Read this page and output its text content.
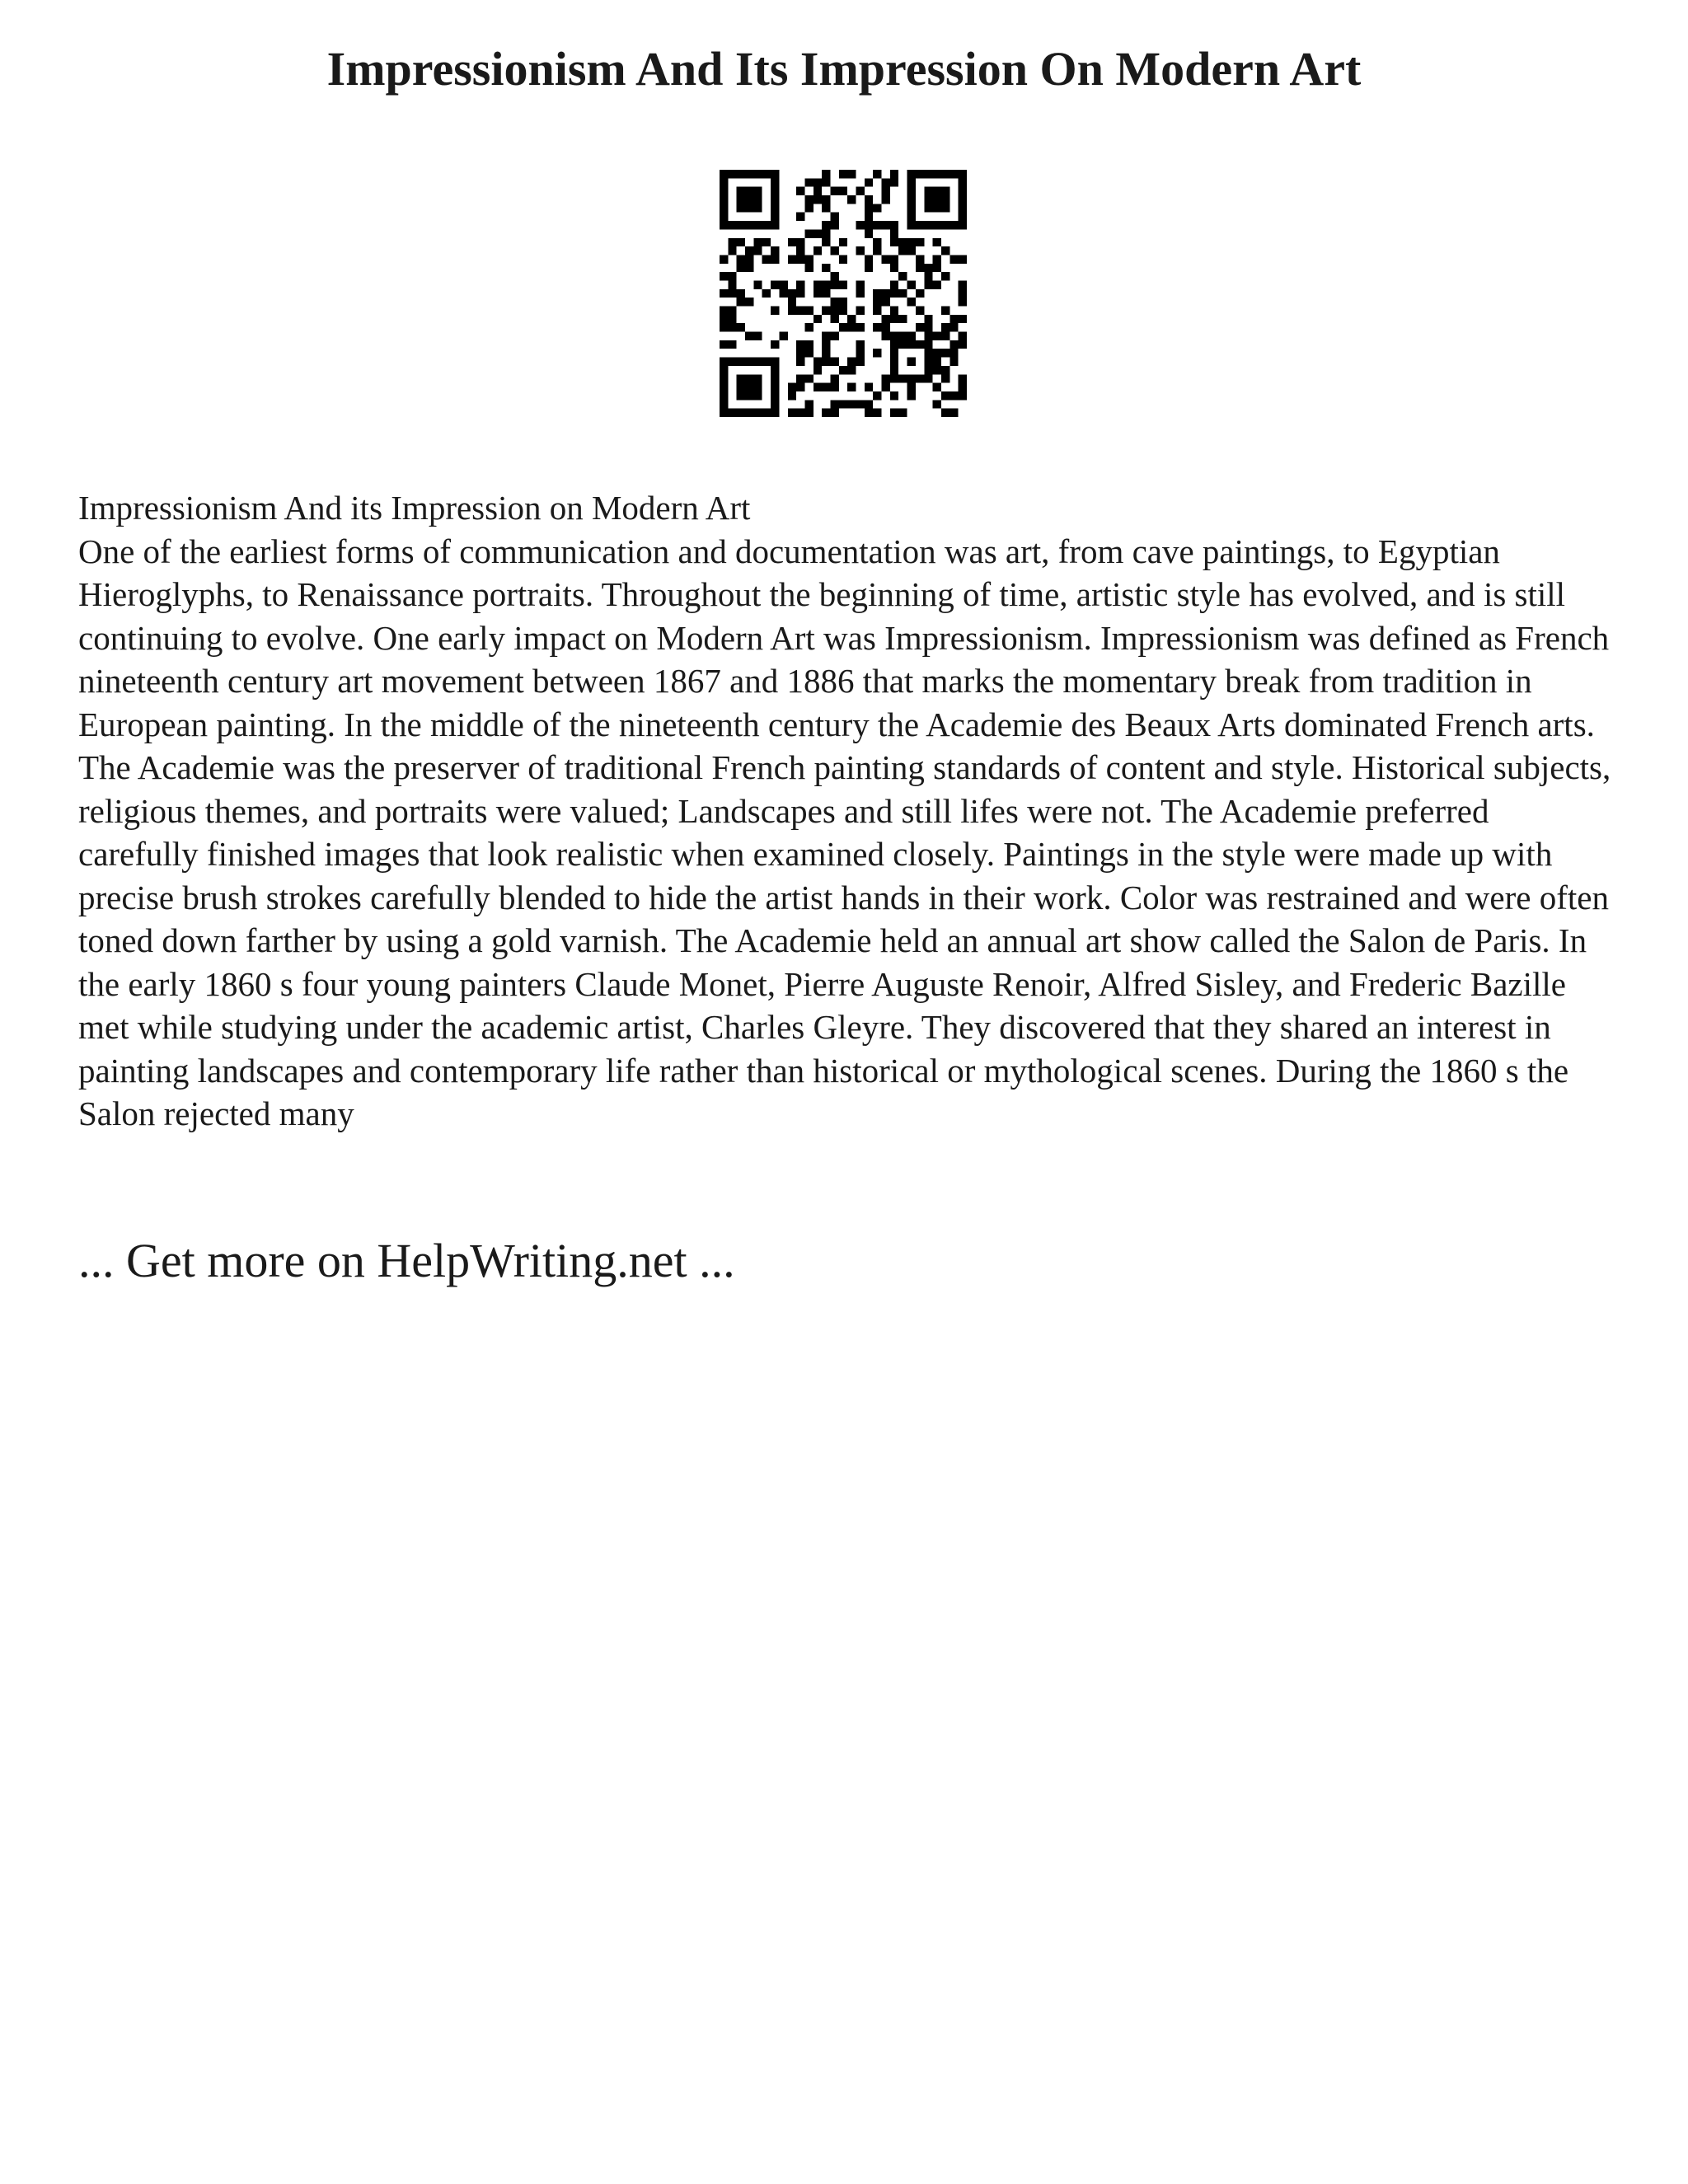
Impressionism And Its Impression On Modern Art

Impressionism And its Impression on Modern Art

One of the earliest forms of communication and documentation was art, from cave paintings, to Egyptian Hieroglyphs, to Renaissance portraits. Throughout the beginning of time, artistic style has evolved, and is still continuing to evolve. One early impact on Modern Art was Impressionism. Impressionism was defined as French nineteenth century art movement between 1867 and 1886 that marks the momentary break from tradition in European painting. In the middle of the nineteenth century the Academie des Beaux Arts dominated French arts. The Academie was the preserver of traditional French painting standards of content and style. Historical subjects, religious themes, and portraits were valued; Landscapes and still lifes were not. The Academie preferred carefully finished images that look realistic when examined closely. Paintings in the style were made up with precise brush strokes carefully blended to hide the artist hands in their work. Color was restrained and were often toned down farther by using a gold varnish. The Academie held an annual art show called the Salon de Paris. In the early 1860 s four young painters Claude Monet, Pierre Auguste Renoir, Alfred Sisley, and Frederic Bazille met while studying under the academic artist, Charles Gleyre. They discovered that they shared an interest in painting landscapes and contemporary life rather than historical or mythological scenes. During the 1860 s the Salon rejected many

... Get more on HelpWriting.net ...
